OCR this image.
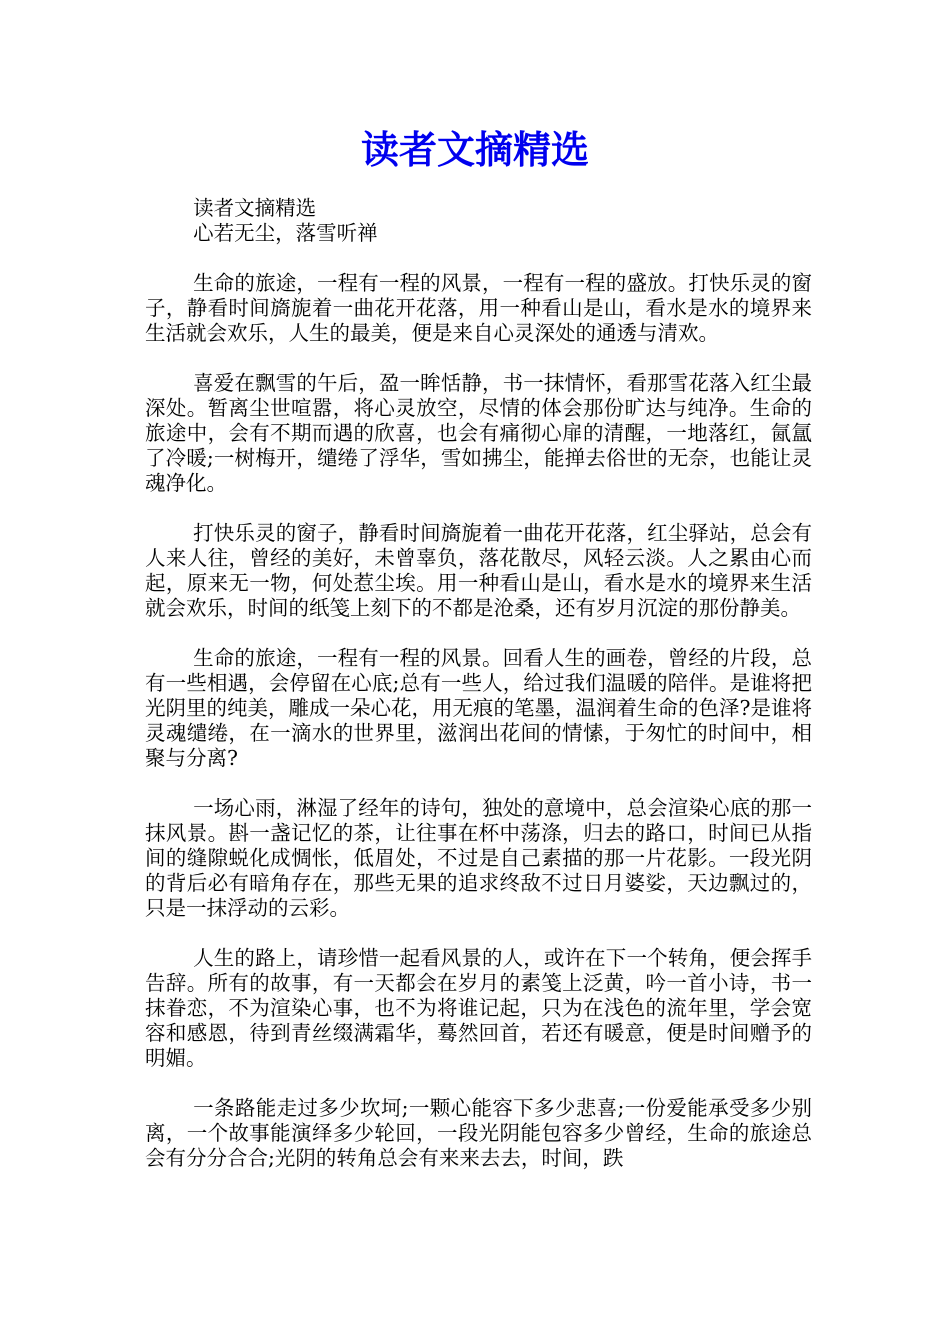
读者文摘精选

读者文摘精选

心若无尘，落雪听禅

生命的旅途，一程有一程的风景，一程有一程的盛放。打快乐灵的窗子，静看时间旖旎着一曲花开花落，用一种看山是山，看水是水的境界来生活就会欢乐，人生的最美，便是来自心灵深处的通透与清欢。

喜爱在飘雪的午后，盈一眸恬静，书一抹情怀，看那雪花落入红尘最深处。暂离尘世喧嚣，将心灵放空，尽情的体会那份旷达与纯净。生命的旅途中，会有不期而遇的欣喜，也会有痛彻心扉的清醒，一地落红，氤氲了冷暖;一树梅开，缱绻了浮华，雪如拂尘，能掸去俗世的无奈，也能让灵魂净化。

打快乐灵的窗子，静看时间旖旎着一曲花开花落，红尘驿站，总会有人来人往，曾经的美好，未曾辜负，落花散尽，风轻云淡。人之累由心而起，原来无一物，何处惹尘埃。用一种看山是山，看水是水的境界来生活就会欢乐，时间的纸笺上刻下的不都是沧桑，还有岁月沉淀的那份静美。

生命的旅途，一程有一程的风景。回看人生的画卷，曾经的片段，总有一些相遇，会停留在心底;总有一些人，给过我们温暖的陪伴。是谁将把光阴里的纯美，雕成一朵心花，用无痕的笔墨，温润着生命的色泽?是谁将灵魂缱绻，在一滴水的世界里，滋润出花间的情愫，于匆忙的时间中，相聚与分离?

一场心雨，淋湿了经年的诗句，独处的意境中，总会渲染心底的那一抹风景。斟一盏记忆的茶，让往事在杯中荡涤，归去的路口，时间已从指间的缝隙蜕化成惆怅，低眉处，不过是自己素描的那一片花影。一段光阴的背后必有暗角存在，那些无果的追求终敌不过日月婆娑，天边飘过的，只是一抹浮动的云彩。

人生的路上，请珍惜一起看风景的人，或许在下一个转角，便会挥手告辞。所有的故事，有一天都会在岁月的素笺上泛黄，吟一首小诗，书一抹眷恋，不为渲染心事，也不为将谁记起，只为在浅色的流年里，学会宽容和感恩，待到青丝缀满霜华，蓦然回首，若还有暖意，便是时间赠予的明媚。

一条路能走过多少坎坷;一颗心能容下多少悲喜;一份爱能承受多少别离，一个故事能演绎多少轮回，一段光阴能包容多少曾经，生命的旅途总会有分分合合;光阴的转角总会有来来去去，时间，跌
